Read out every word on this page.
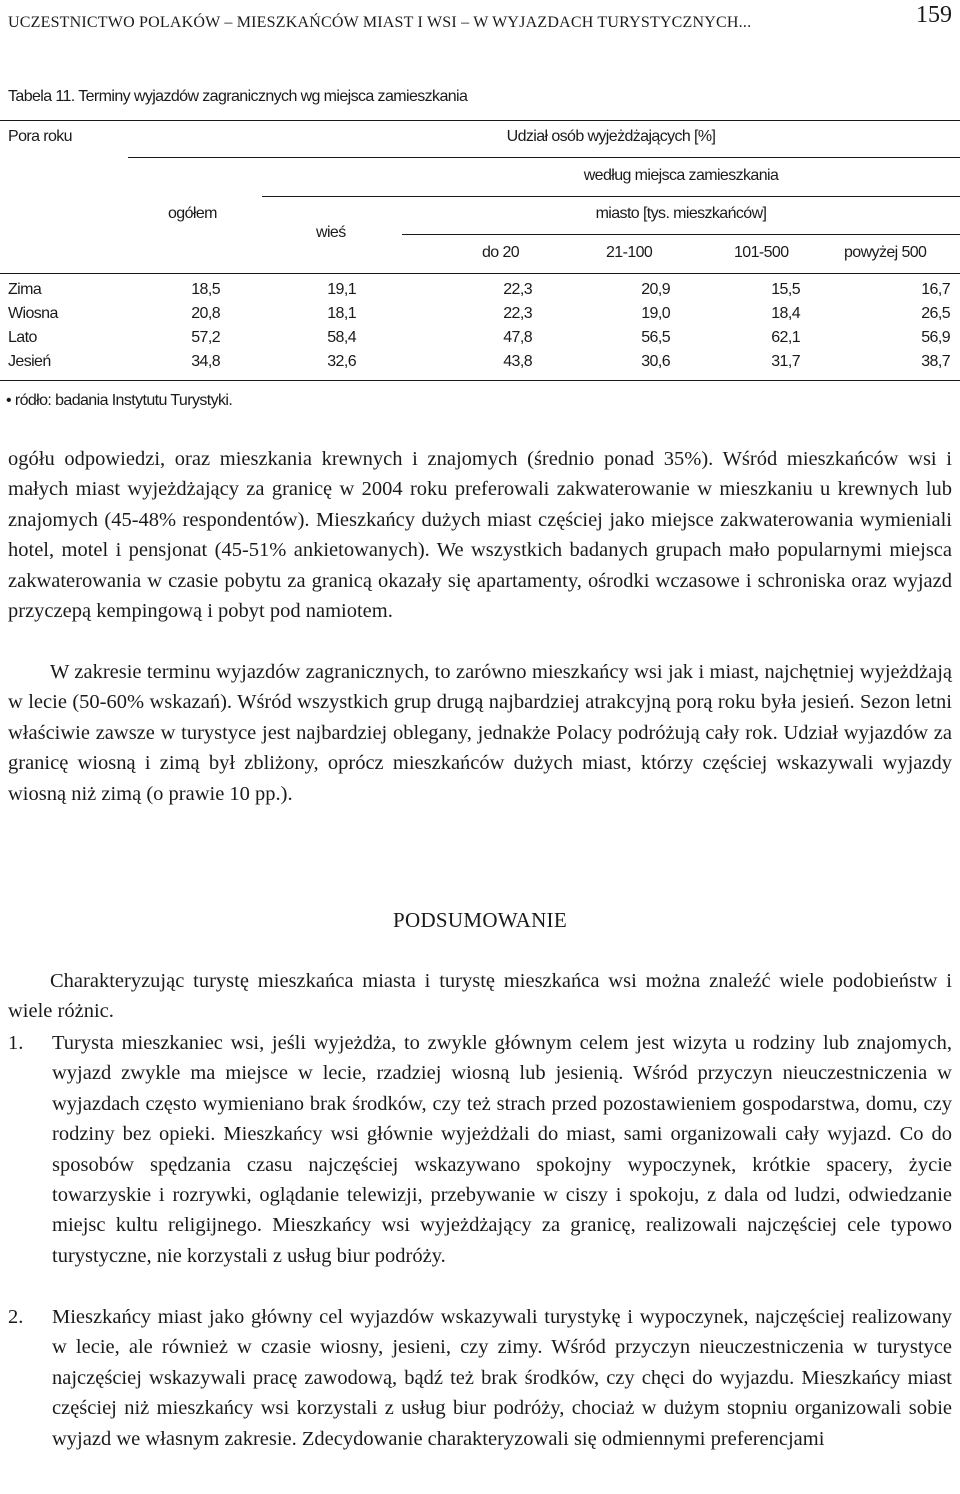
UCZESTNICTWO POLAKÓW – MIESZKAŃCÓW MIAST I WSI – W WYJAZDACH TURYSTYCZNYCH...	159
Tabela 11. Terminy wyjazdów zagranicznych wg miejsca zamieszkania
Pora roku	Udział osób wyjeżdżających [%]
według miejsca zamieszkania
miasto [tys. mieszkańców]
ogółem
wieś
do 20	21-100	101-500	powyżej 500
Zima	18,5	19,1	22,3	20,9	15,5	16,7
Wiosna	20,8	18,1	22,3	19,0	18,4	26,5
Lato	57,2	58,4	47,8	56,5	62,1	56,9
Jesień	34,8	32,6	43,8	30,6	31,7	38,7
• ródło: badania Instytutu Turystyki.

ogółu odpowiedzi, oraz mieszkania krewnych i znajomych (średnio ponad 35%). Wśród mieszkańców wsi i małych miast wyjeżdżający za granicę w 2004 roku preferowali zakwaterowanie w mieszkaniu u krewnych lub znajomych (45-48% respondentów). Mieszkańcy dużych miast częściej jako miejsce zakwaterowania wymieniali hotel, motel i pensjonat (45-51% ankietowanych). We wszystkich badanych grupach mało popularnymi miejsca zakwaterowania w czasie pobytu za granicą okazały się apartamenty, ośrodki wczasowe i schroniska oraz wyjazd przyczepą kempingową i pobyt pod namiotem.

W zakresie terminu wyjazdów zagranicznych, to zarówno mieszkańcy wsi jak i miast, najchętniej wyjeżdżają w lecie (50-60% wskazań). Wśród wszystkich grup drugą najbardziej atrakcyjną porą roku była jesień. Sezon letni właściwie zawsze w turystyce jest najbardziej oblegany, jednakże Polacy podróżują cały rok. Udział wyjazdów za granicę wiosną i zimą był zbliżony, oprócz mieszkańców dużych miast, którzy częściej wskazywali wyjazdy wiosną niż zimą (o prawie 10 pp.).

PODSUMOWANIE

Charakteryzując turystę mieszkańca miasta i turystę mieszkańca wsi można znaleźć wiele podobieństw i wiele różnic.

1. Turysta mieszkaniec wsi, jeśli wyjeżdża, to zwykle głównym celem jest wizyta u rodziny lub znajomych, wyjazd zwykle ma miejsce w lecie, rzadziej wiosną lub jesienią. Wśród przyczyn nieuczestniczenia w wyjazdach często wymieniano brak środków, czy też strach przed pozostawieniem gospodarstwa, domu, czy rodziny bez opieki. Mieszkańcy wsi głównie wyjeżdżali do miast, sami organizowali cały wyjazd. Co do sposobów spędzania czasu najczęściej wskazywano spokojny wypoczynek, krótkie spacery, życie towarzyskie i rozrywki, oglądanie telewizji, przebywanie w ciszy i spokoju, z dala od ludzi, odwiedzanie miejsc kultu religijnego. Mieszkańcy wsi wyjeżdżający za granicę, realizowali najczęściej cele typowo turystyczne, nie korzystali z usług biur podróży.
2. Mieszkańcy miast jako główny cel wyjazdów wskazywali turystykę i wypoczynek, najczęściej realizowany w lecie, ale również w czasie wiosny, jesieni, czy zimy. Wśród przyczyn nieuczestniczenia w turystyce najczęściej wskazywali pracę zawodową, bądź też brak środków, czy chęci do wyjazdu. Mieszkańcy miast częściej niż mieszkańcy wsi korzystali z usług biur podróży, chociaż w dużym stopniu organizowali sobie wyjazd we własnym zakresie. Zdecydowanie charakteryzowali się odmiennymi preferencjami
